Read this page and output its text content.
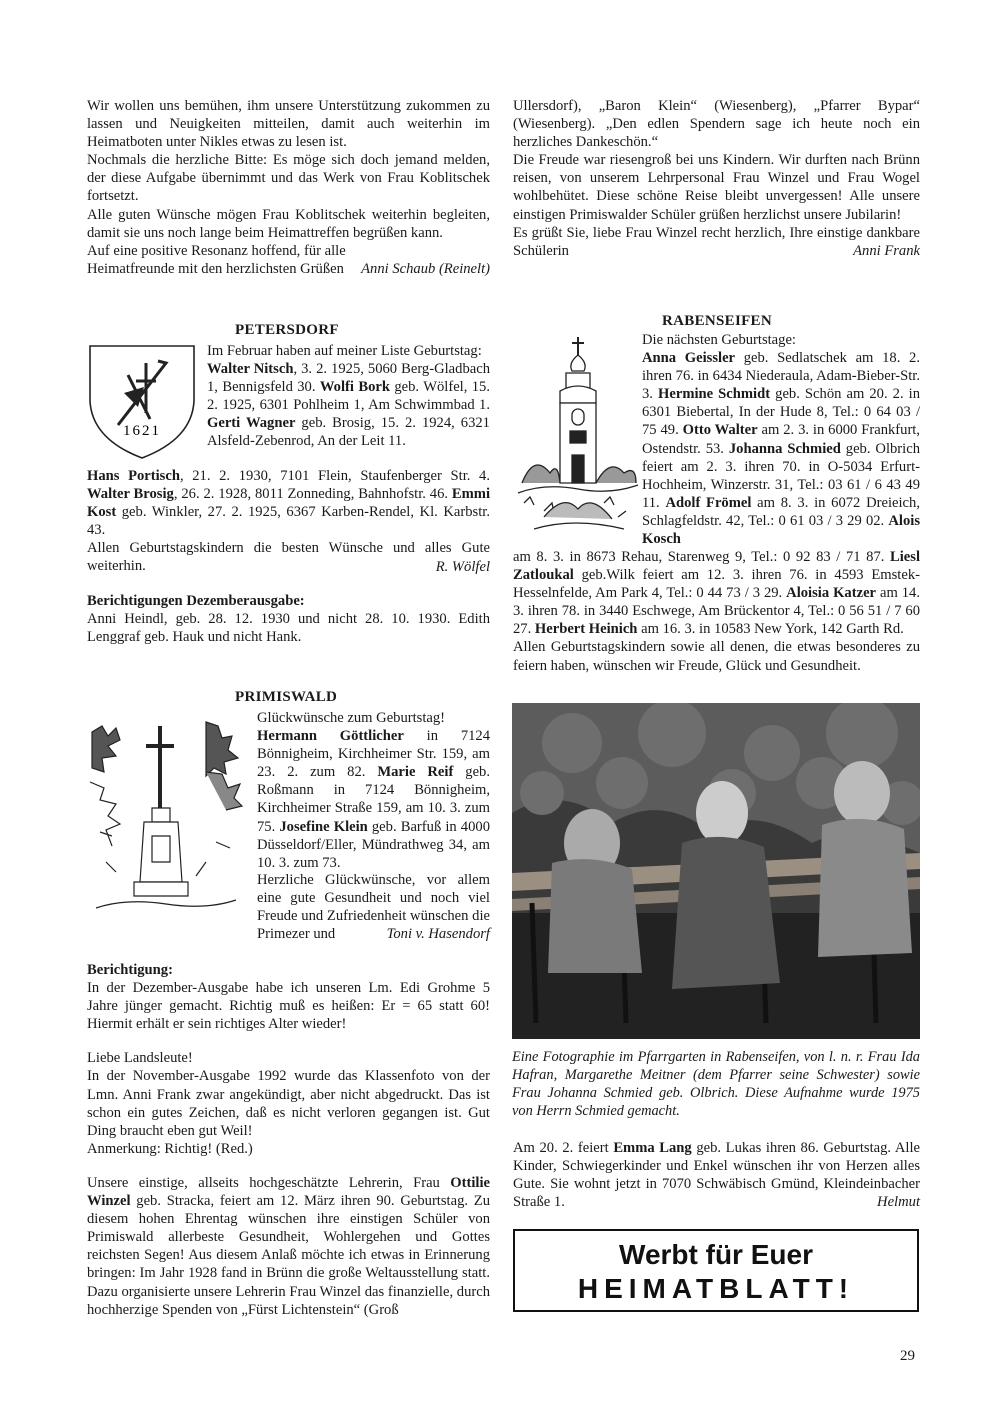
Wir wollen uns bemühen, ihm unsere Unterstützung zukommen zu lassen und Neuigkeiten mitteilen, damit auch weiterhin im Heimatboten unter Nikles etwas zu lesen ist.

Nochmals die herzliche Bitte: Es möge sich doch jemand melden, der diese Aufgabe übernimmt und das Werk von Frau Koblitschek fortsetzt.

Alle guten Wünsche mögen Frau Koblitschek weiterhin begleiten, damit sie uns noch lange beim Heimattreffen begrüßen kann.

Auf eine positive Resonanz hoffend, für alle Heimatfreunde mit den herzlichsten Grüßen	Anni Schaub (Reinelt)

Ullersdorf), „Baron Klein“ (Wiesenberg), „Pfarrer Bypar“ (Wiesenberg). „Den edlen Spendern sage ich heute noch ein herzliches Dankeschön.“

Die Freude war riesengroß bei uns Kindern. Wir durften nach Brünn reisen, von unserem Lehrpersonal Frau Winzel und Frau Wogel wohlbehütet. Diese schöne Reise bleibt unvergessen! Alle unsere einstigen Primiswalder Schüler grüßen herzlichst unsere Jubilarin!

Es grüßt Sie, liebe Frau Winzel recht herzlich, Ihre einstige dankbare Schülerin	Anni Frank

PETERSDORF
1621

Im Februar haben auf meiner Liste Geburtstag:

Walter Nitsch, 3. 2. 1925, 5060 Berg-Gladbach 1, Bennigsfeld 30. Wolfi Bork geb. Wölfel, 15. 2. 1925, 6301 Pohlheim 1, Am Schwimmbad 1. Gerti Wagner geb. Brosig, 15. 2. 1924, 6321 Alsfeld-Zebenrod, An der Leit 11.

Hans Portisch, 21. 2. 1930, 7101 Flein, Staufenberger Str. 4. Walter Brosig, 26. 2. 1928, 8011 Zonneding, Bahnhofstr. 46. Emmi Kost geb. Winkler, 27. 2. 1925, 6367 Karben-Rendel, Kl. Karbstr. 43.

Allen Geburtstagskindern die besten Wünsche und alles Gute weiterhin.	R. Wölfel

Berichtigungen Dezemberausgabe:

Anni Heindl, geb. 28. 12. 1930 und nicht 28. 10. 1930. Edith Lenggraf geb. Hauk und nicht Hank.

PRIMISWALD

Glückwünsche zum Geburtstag!

Hermann Göttlicher in 7124 Bönnigheim, Kirchheimer Str. 159, am 23. 2. zum 82. Marie Reif geb. Roßmann in 7124 Bönnigheim, Kirchheimer Straße 159, am 10. 3. zum 75. Josefine Klein geb. Barfuß in 4000 Düsseldorf/Eller, Mündrathweg 34, am 10. 3. zum 73.

Herzliche Glückwünsche, vor allem eine gute Gesundheit und noch viel Freude und Zufriedenheit wünschen die Primezer und	Toni v. Hasendorf

Berichtigung:

In der Dezember-Ausgabe habe ich unseren Lm. Edi Grohme 5 Jahre jünger gemacht. Richtig muß es heißen: Er = 65 statt 60! Hiermit erhält er sein richtiges Alter wieder!

Liebe Landsleute!

In der November-Ausgabe 1992 wurde das Klassenfoto von der Lmn. Anni Frank zwar angekündigt, aber nicht abgedruckt. Das ist schon ein gutes Zeichen, daß es nicht verloren gegangen ist. Gut Ding braucht eben gut Weil!

Anmerkung: Richtig! (Red.)

Unsere einstige, allseits hochgeschätzte Lehrerin, Frau Ottilie Winzel geb. Stracka, feiert am 12. März ihren 90. Geburtstag. Zu diesem hohen Ehrentag wünschen ihre einstigen Schüler von Primiswald allerbeste Gesundheit, Wohlergehen und Gottes reichsten Segen! Aus diesem Anlaß möchte ich etwas in Erinnerung bringen: Im Jahr 1928 fand in Brünn die große Weltausstellung statt. Dazu organisierte unsere Lehrerin Frau Winzel das finanzielle, durch hochherzige Spenden von „Fürst Lichtenstein“ (Groß

RABENSEIFEN

Die nächsten Geburtstage:

Anna Geissler geb. Sedlatschek am 18. 2. ihren 76. in 6434 Niederaula, Adam-Bieber-Str. 3. Hermine Schmidt geb. Schön am 20. 2. in 6301 Biebertal, In der Hude 8, Tel.: 0 64 03 / 75 49. Otto Walter am 2. 3. in 6000 Frankfurt, Ostendstr. 53. Johanna Schmied geb. Olbrich feiert am 2. 3. ihren 70. in O-5034 Erfurt-Hochheim, Winzerstr. 31, Tel.: 03 61 / 6 43 49 11. Adolf Frömel am 8. 3. in 6072 Dreieich, Schlagfeldstr. 42, Tel.: 0 61 03 / 3 29 02. Alois Kosch

am 8. 3. in 8673 Rehau, Starenweg 9, Tel.: 0 92 83 / 71 87. Liesl Zatloukal geb.Wilk feiert am 12. 3. ihren 76. in 4593 Emstek-Hesselnfelde, Am Park 4, Tel.: 0 44 73 / 3 29. Aloisia Katzer am 14. 3. ihren 78. in 3440 Eschwege, Am Brückentor 4, Tel.: 0 56 51 / 7 60 27. Herbert Heinich am 16. 3. in 10583 New York, 142 Garth Rd.

Allen Geburtstagskindern sowie all denen, die etwas besonderes zu feiern haben, wünschen wir Freude, Glück und Gesundheit.

Eine Fotographie im Pfarrgarten in Rabenseifen, von l. n. r. Frau Ida Hafran, Margarethe Meitner (dem Pfarrer seine Schwester) sowie Frau Johanna Schmied geb. Olbrich. Diese Aufnahme wurde 1975 von Herrn Schmied gemacht.

Am 20. 2. feiert Emma Lang geb. Lukas ihren 86. Geburtstag. Alle Kinder, Schwiegerkinder und Enkel wünschen ihr von Herzen alles Gute. Sie wohnt jetzt in 7070 Schwäbisch Gmünd, Kleindeinbacher Straße 1.	Helmut

Werbt für Euer
HEIMATBLATT!
29
